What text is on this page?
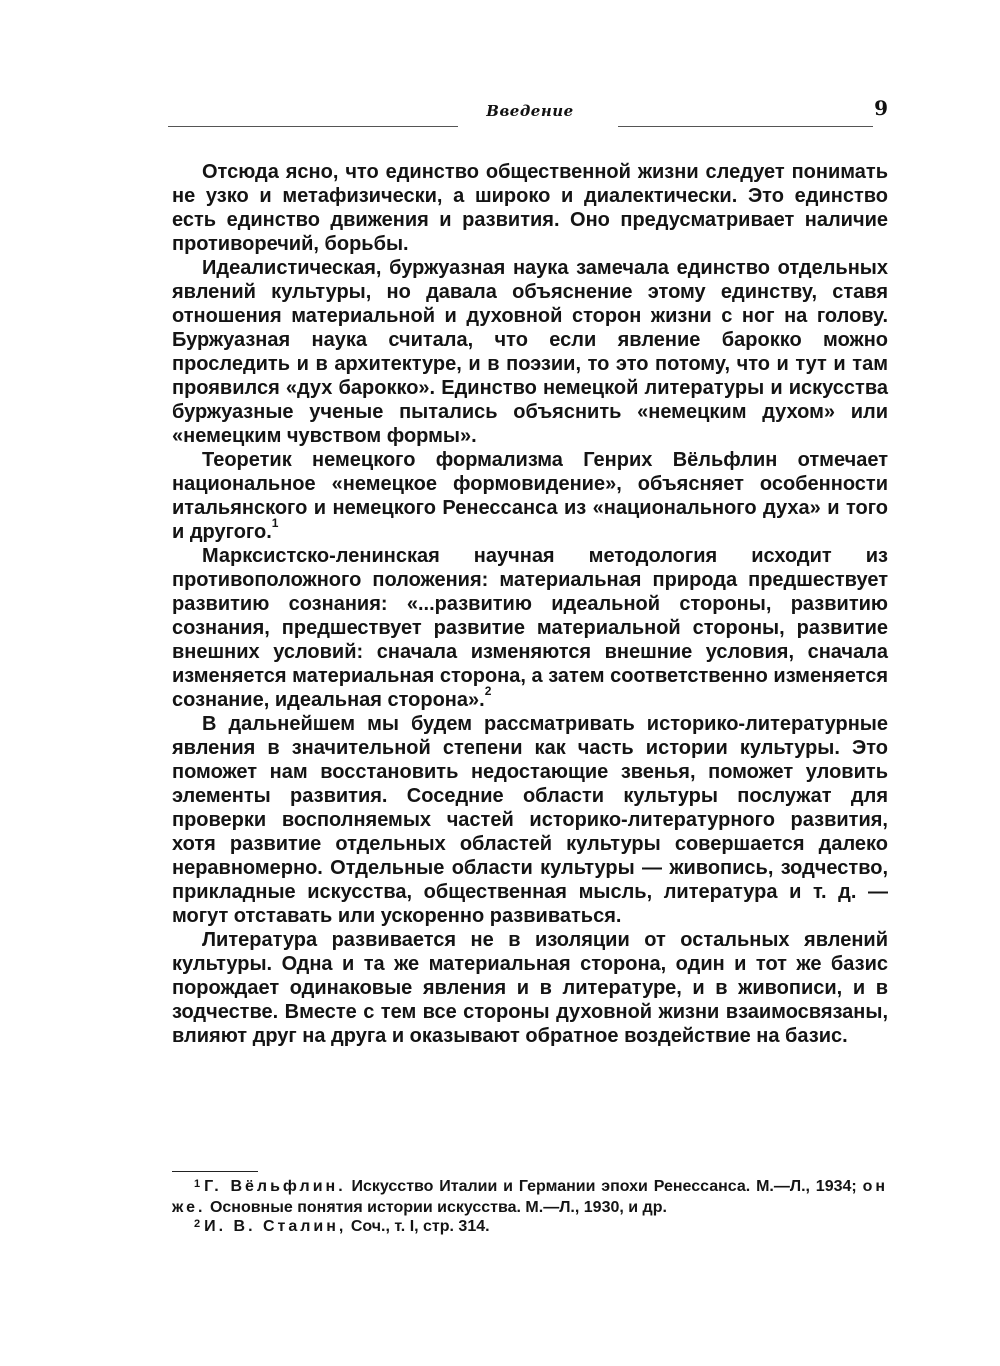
Введение	9

Отсюда ясно, что единство общественной жизни следует понимать не узко и метафизически, а широко и диалектически. Это единство есть единство движения и развития. Оно предусматривает наличие противоречий, борьбы.

Идеалистическая, буржуазная наука замечала единство отдельных явлений культуры, но давала объяснение этому единству, ставя отношения материальной и духовной сторон жизни с ног на голову. Буржуазная наука считала, что если явление барокко можно проследить и в архитектуре, и в поэзии, то это потому, что и тут и там проявился «дух барокко». Единство немецкой литературы и искусства буржуазные ученые пытались объяснить «немецким духом» или «немецким чувством формы».

Теоретик немецкого формализма Генрих Вёльфлин отмечает национальное «немецкое формовидение», объясняет особенности итальянского и немецкого Ренессанса из «национального духа» и того и другого.$^1$

Марксистско-ленинская научная методология исходит из противоположного положения: материальная природа предшествует развитию сознания: «...развитию идеальной стороны, развитию сознания, предшествует развитие материальной стороны, развитие внешних условий: сначала изменяются внешние условия, сначала изменяется материальная сторона, а затем соответственно изменяется сознание, идеальная сторона».$^2$

В дальнейшем мы будем рассматривать историко-литературные явления в значительной степени как часть истории культуры. Это поможет нам восстановить недостающие звенья, поможет уловить элементы развития. Соседние области культуры послужат для проверки восполняемых частей историко-литературного развития, хотя развитие отдельных областей культуры совершается далеко неравномерно. Отдельные области культуры — живопись, зодчество, прикладные искусства, общественная мысль, литература и т. д. — могут отставать или ускоренно развиваться.

Литература развивается не в изоляции от остальных явлений культуры. Одна и та же материальная сторона, один и тот же базис порождает одинаковые явления и в литературе, и в живописи, и в зодчестве. Вместе с тем все стороны духовной жизни взаимосвязаны, влияют друг на друга и оказывают обратное воздействие на базис.

$^1$ Г. Вёльфлин. Искусство Италии и Германии эпохи Ренессанса. М.—Л., 1934; он же. Основные понятия истории искусства. М.—Л., 1930, и др.

$^2$ И. В. Сталин, Соч., т. I, стр. 314.
